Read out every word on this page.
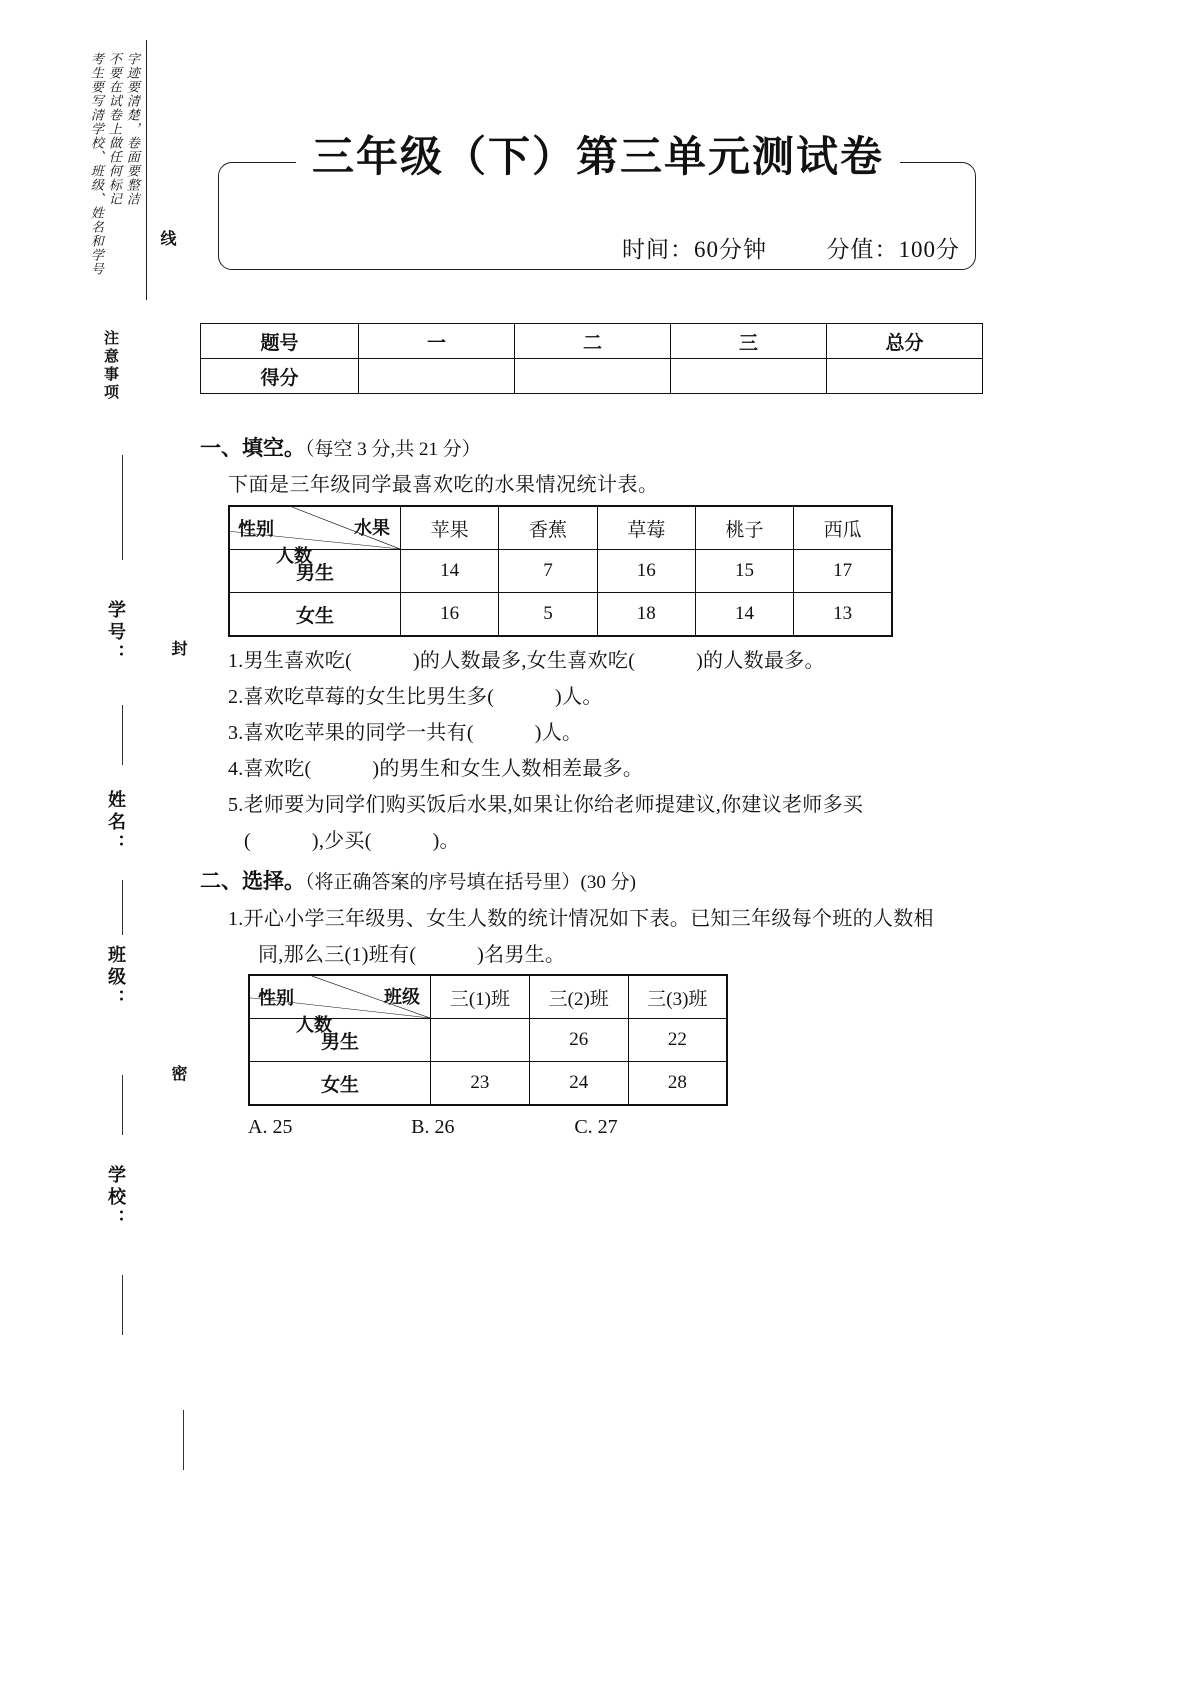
考生要写清学校、班级、姓名和学号 不要在试卷上做任何标记 字迹要清楚，卷面要整洁
注意事项
线
封
密
学号：
姓名：
班级：
学校：
三年级（下）第三单元测试卷
时间：60分钟	分值：100分
题号	一	二	三	总分
得分				
一、填空。（每空 3 分,共 21 分）
下面是三年级同学最喜欢吃的水果情况统计表。
水果
人数
性别	苹果	香蕉	草莓	桃子	西瓜
男生	14	7	16	15	17
女生	16	5	18	14	13
1.男生喜欢吃(　　　)的人数最多,女生喜欢吃(　　　)的人数最多。
2.喜欢吃草莓的女生比男生多(　　　)人。
3.喜欢吃苹果的同学一共有(　　　)人。
4.喜欢吃(　　　)的男生和女生人数相差最多。
5.老师要为同学们购买饭后水果,如果让你给老师提建议,你建议老师多买
(　　　),少买(　　　)。
二、选择。（将正确答案的序号填在括号里）(30 分)
1.开心小学三年级男、女生人数的统计情况如下表。已知三年级每个班的人数相
同,那么三(1)班有(　　　)名男生。
班级
人数
性别	三(1)班	三(2)班	三(3)班
男生		26	22
女生	23	24	28
A. 25	B. 26	C. 27
